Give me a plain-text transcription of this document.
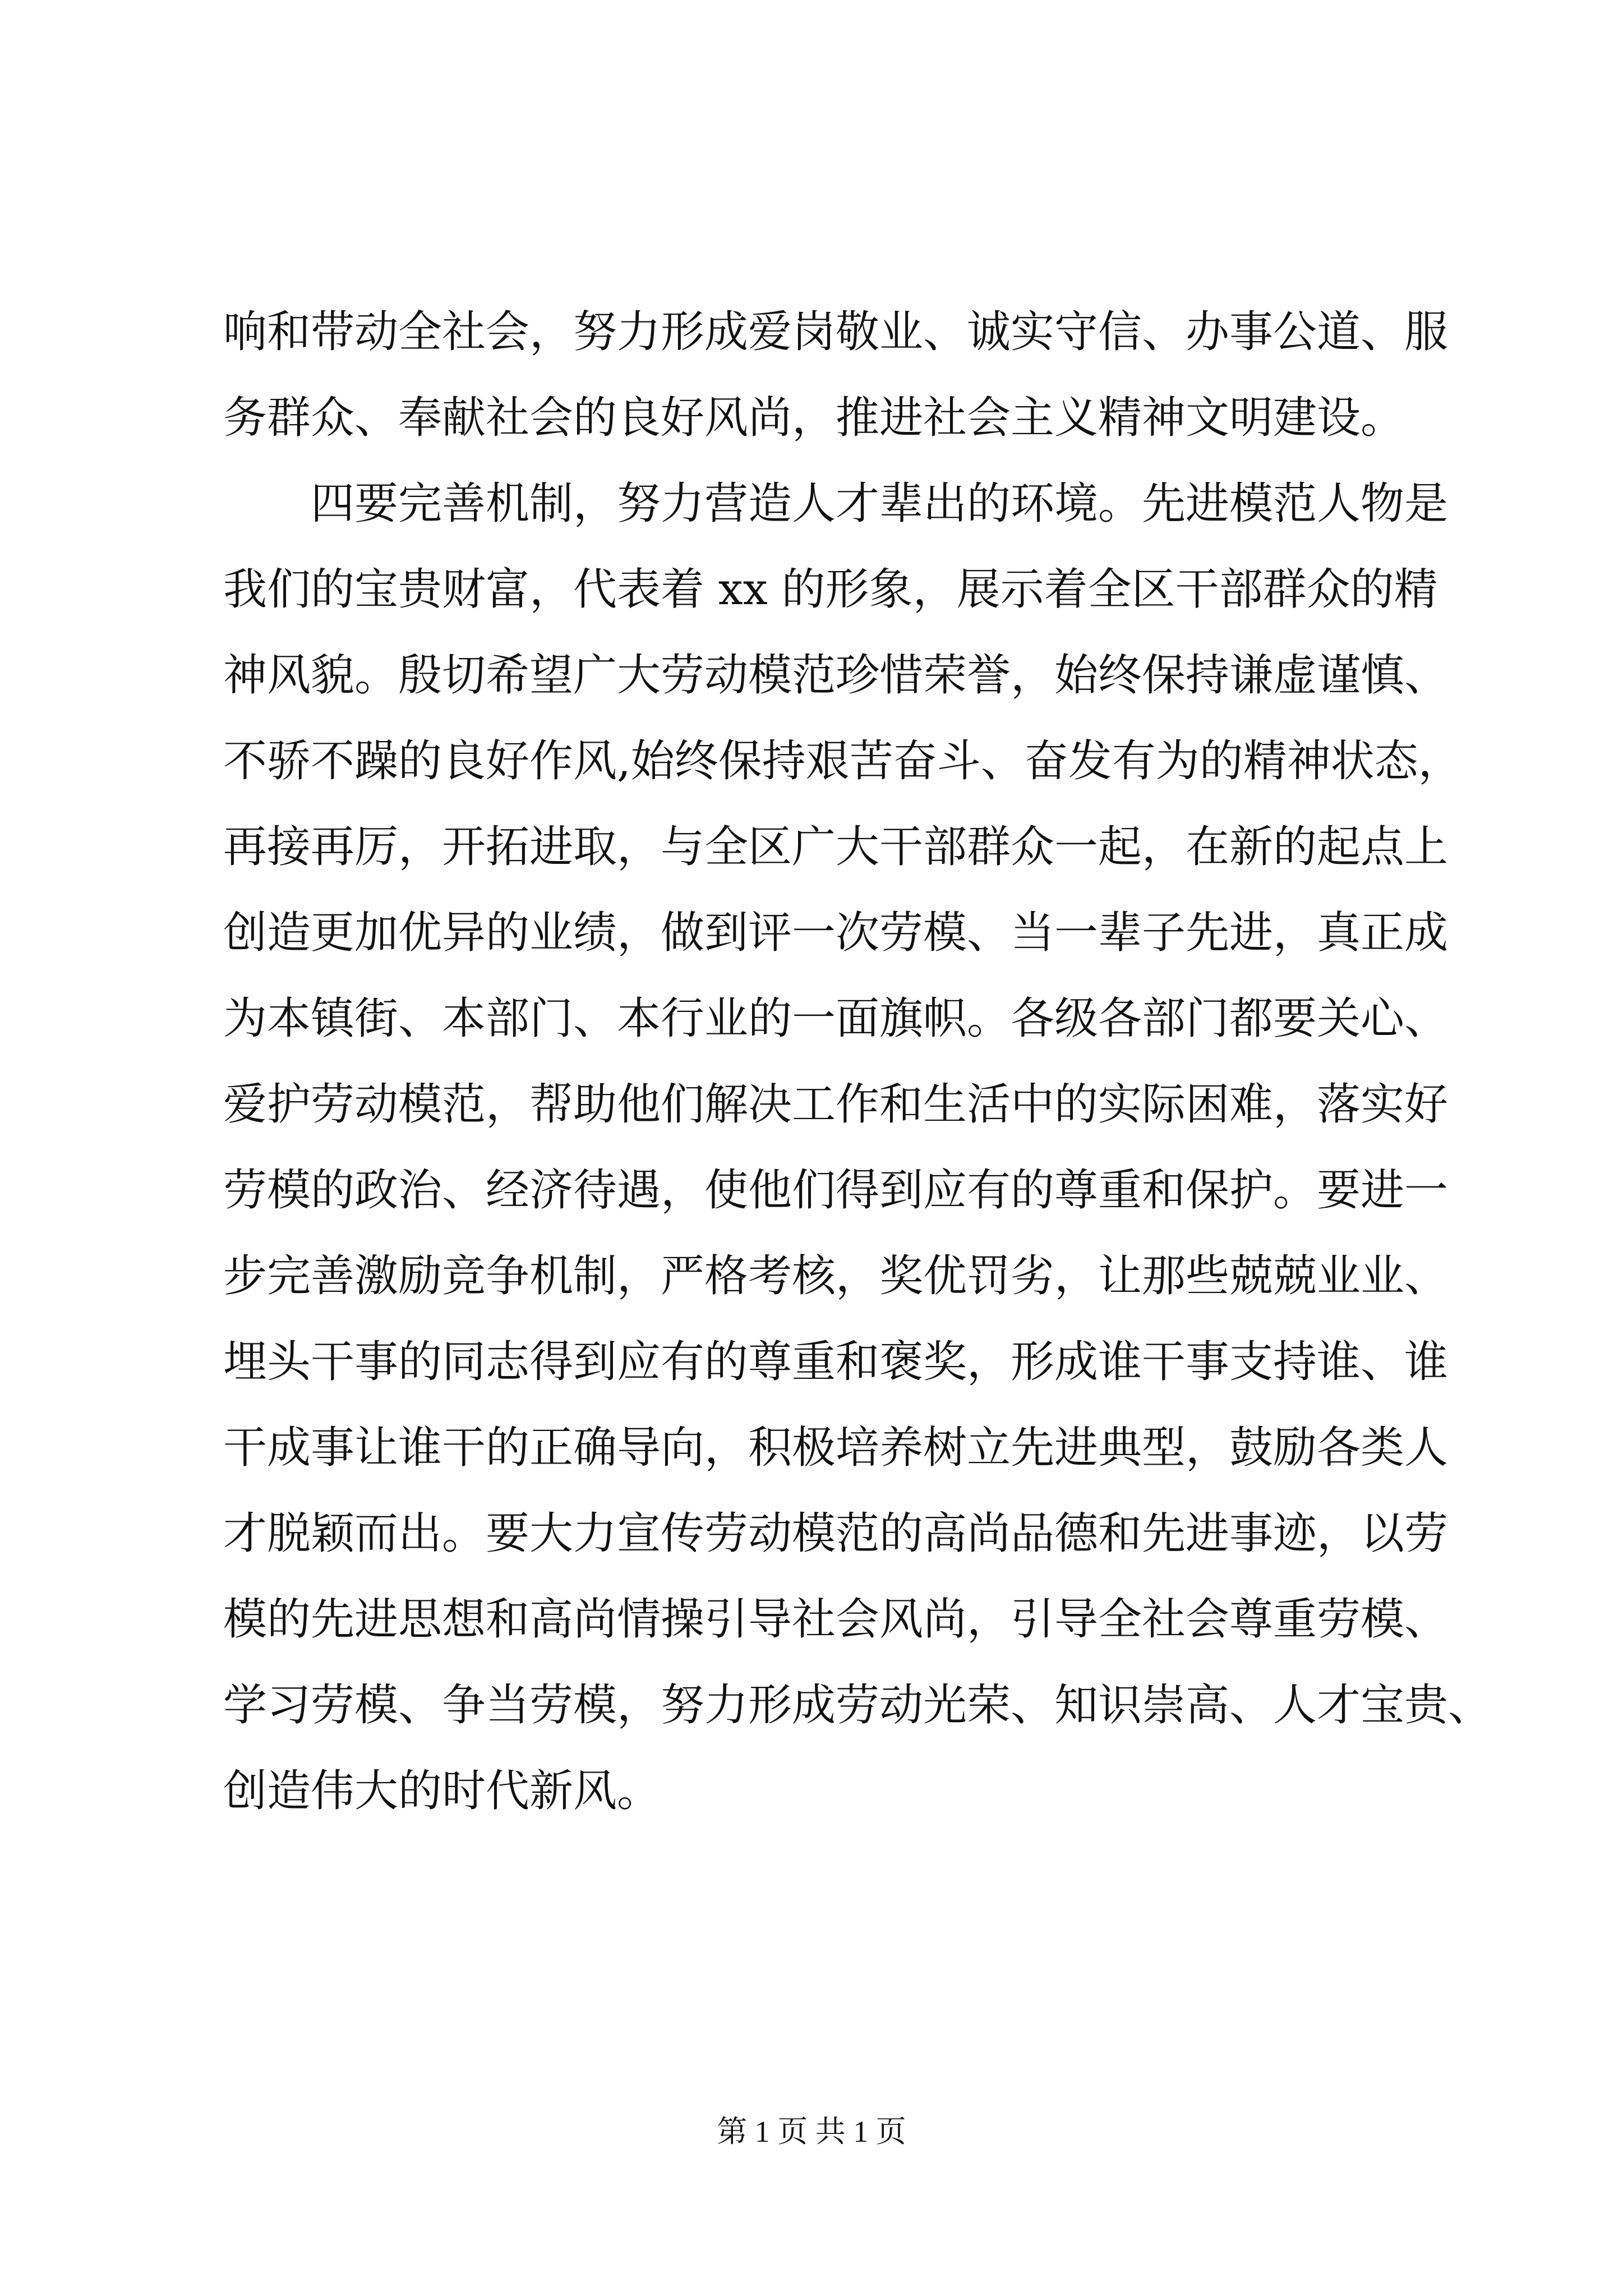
响和带动全社会，努力形成爱岗敬业、诚实守信、办事公道、服
务群众、奉献社会的良好风尚，推进社会主义精神文明建设。
四要完善机制，努力营造人才辈出的环境。先进模范人物是
我们的宝贵财富，代表着 xx 的形象，展示着全区干部群众的精
神风貌。殷切希望广大劳动模范珍惜荣誉，始终保持谦虚谨慎、
不骄不躁的良好作风,始终保持艰苦奋斗、奋发有为的精神状态，
再接再厉，开拓进取，与全区广大干部群众一起，在新的起点上
创造更加优异的业绩，做到评一次劳模、当一辈子先进，真正成
为本镇街、本部门、本行业的一面旗帜。各级各部门都要关心、
爱护劳动模范，帮助他们解决工作和生活中的实际困难，落实好
劳模的政治、经济待遇，使他们得到应有的尊重和保护。要进一
步完善激励竞争机制，严格考核，奖优罚劣，让那些兢兢业业、
埋头干事的同志得到应有的尊重和褒奖，形成谁干事支持谁、谁
干成事让谁干的正确导向，积极培养树立先进典型，鼓励各类人
才脱颖而出。要大力宣传劳动模范的高尚品德和先进事迹，以劳
模的先进思想和高尚情操引导社会风尚，引导全社会尊重劳模、
学习劳模、争当劳模，努力形成劳动光荣、知识崇高、人才宝贵、
创造伟大的时代新风。
第 1 页 共 1 页
